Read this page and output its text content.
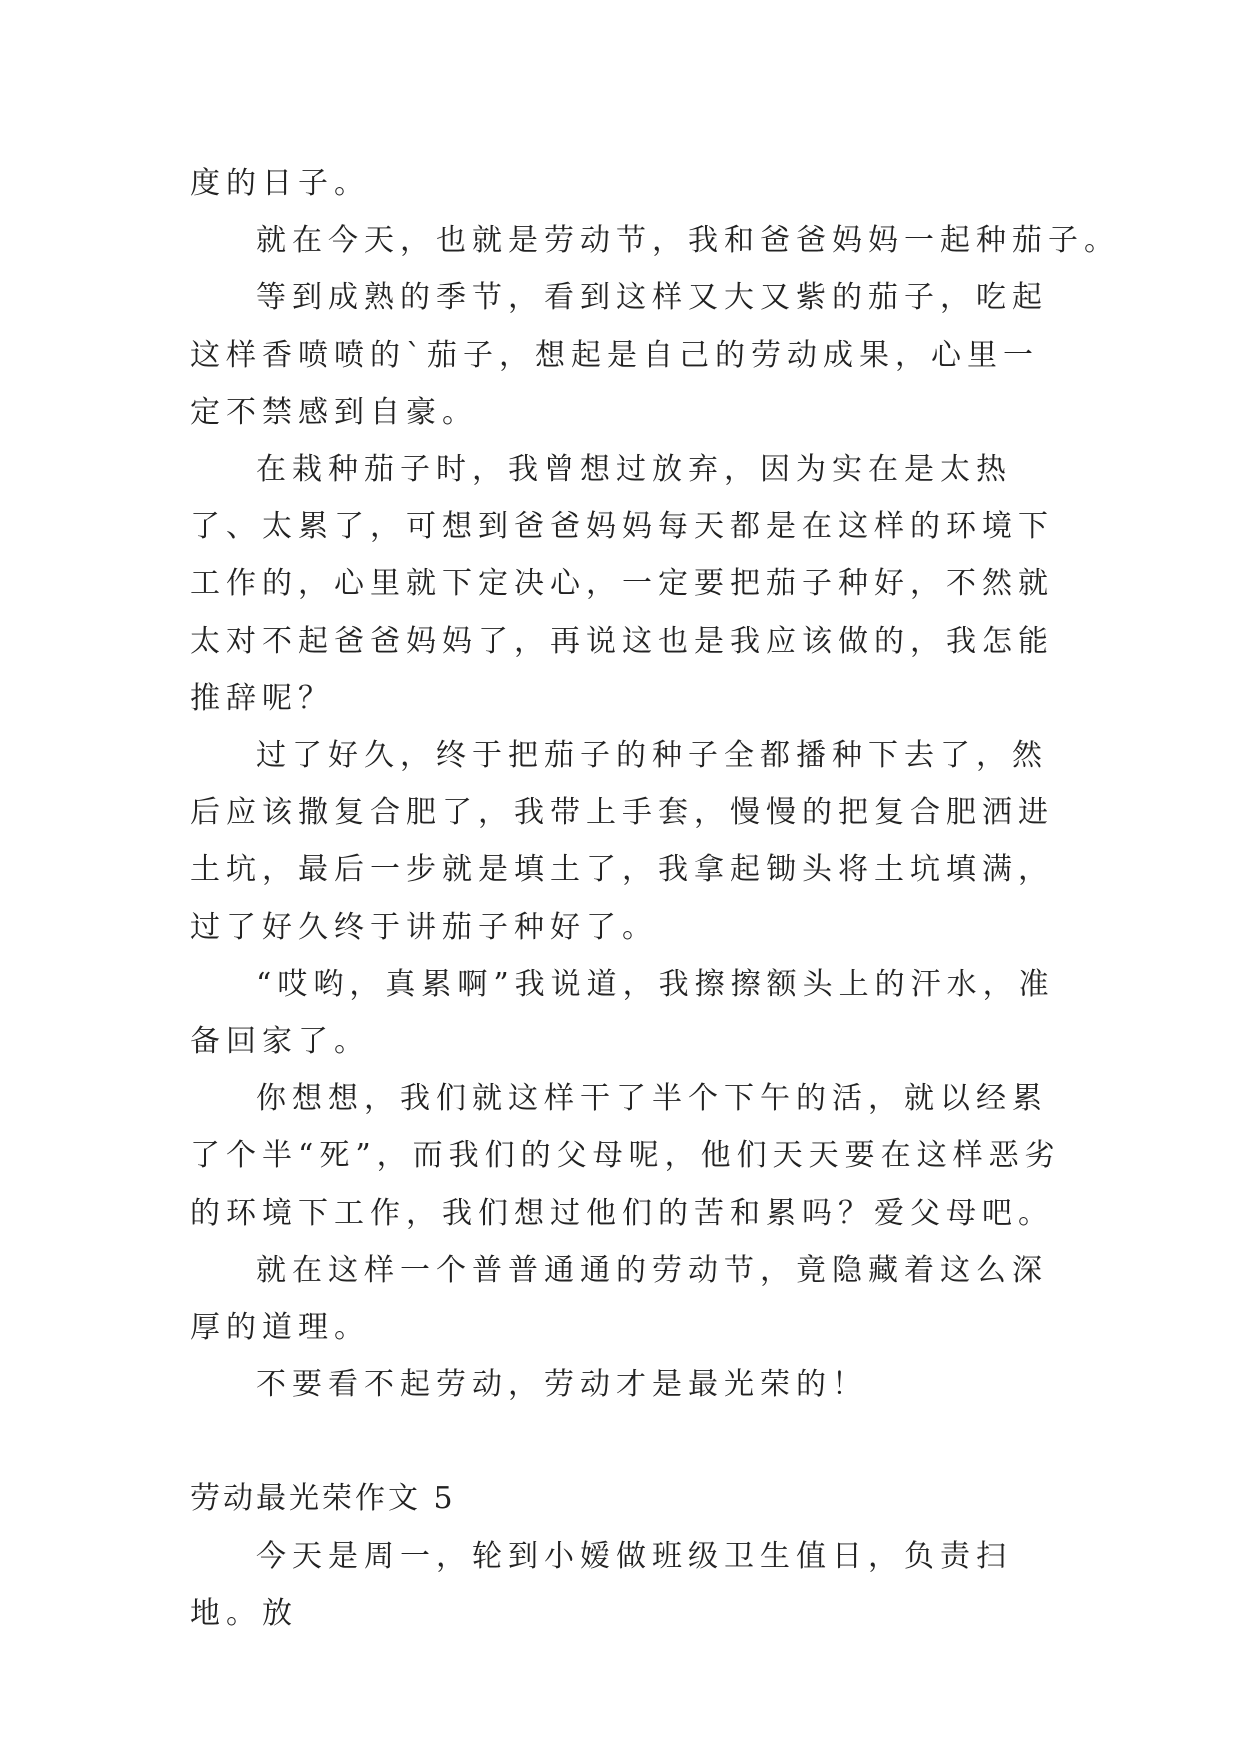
度的日子。

就在今天，也就是劳动节，我和爸爸妈妈一起种茄子。

等到成熟的季节，看到这样又大又紫的茄子，吃起这样香喷喷的`茄子，想起是自己的劳动成果，心里一定不禁感到自豪。

在栽种茄子时，我曾想过放弃，因为实在是太热了、太累了，可想到爸爸妈妈每天都是在这样的环境下工作的，心里就下定决心，一定要把茄子种好，不然就太对不起爸爸妈妈了，再说这也是我应该做的，我怎能推辞呢？

过了好久，终于把茄子的种子全都播种下去了，然后应该撒复合肥了，我带上手套，慢慢的把复合肥洒进土坑，最后一步就是填土了，我拿起锄头将土坑填满，过了好久终于讲茄子种好了。

“哎哟，真累啊”我说道，我擦擦额头上的汗水，准备回家了。

你想想，我们就这样干了半个下午的活，就以经累了个半“死”，而我们的父母呢，他们天天要在这样恶劣的环境下工作，我们想过他们的苦和累吗？爱父母吧。

就在这样一个普普通通的劳动节，竟隐藏着这么深厚的道理。

不要看不起劳动，劳动才是最光荣的！

劳动最光荣作文 5

今天是周一，轮到小嫒做班级卫生值日，负责扫地。放
